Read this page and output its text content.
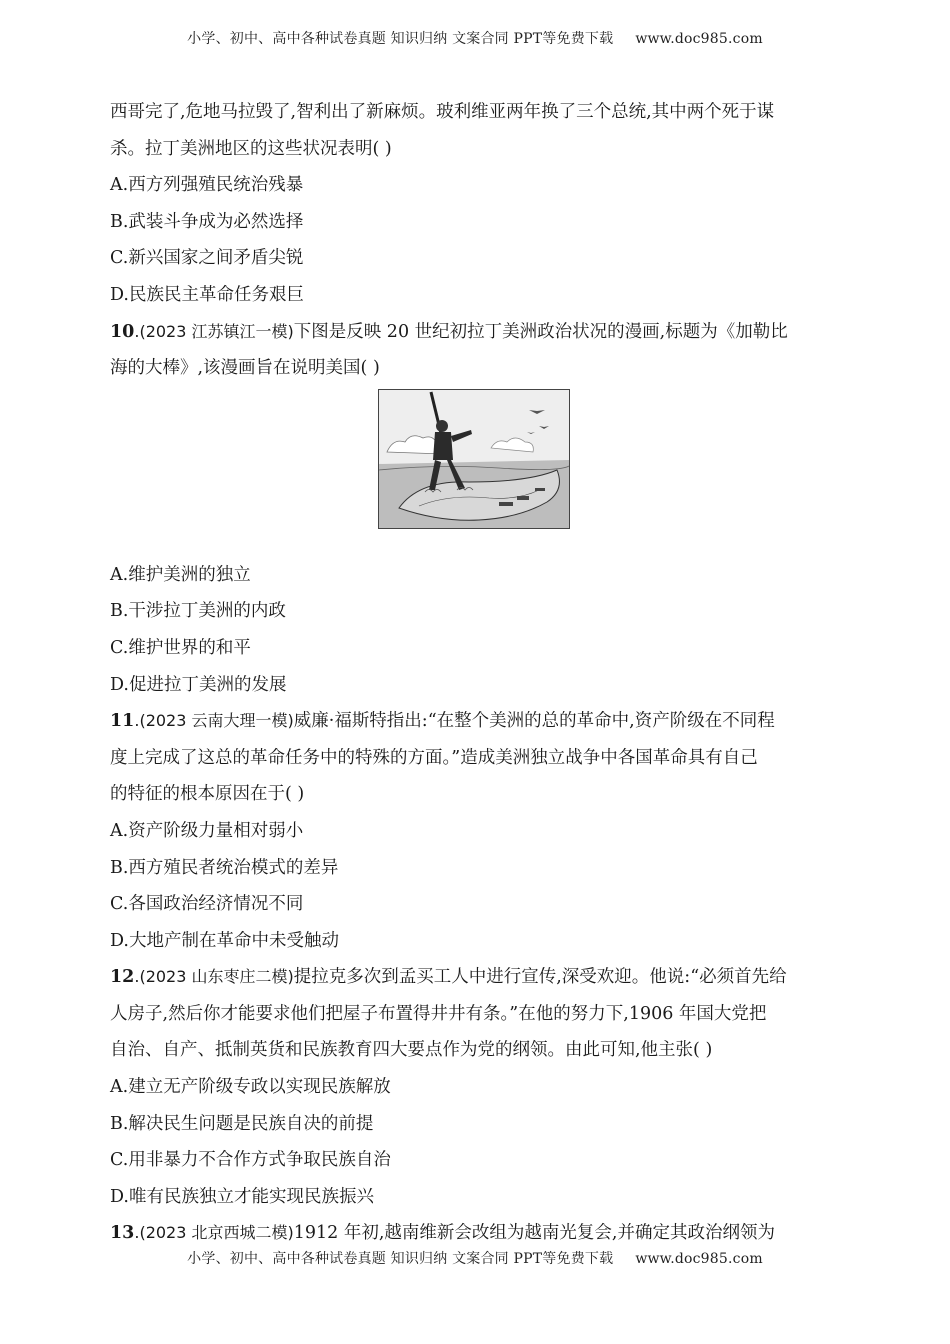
小学、初中、高中各种试卷真题 知识归纳 文案合同 PPT等免费下载 www.doc985.com
西哥完了,危地马拉毁了,智利出了新麻烦。玻利维亚两年换了三个总统,其中两个死于谋
杀。拉丁美洲地区的这些状况表明( )
A.西方列强殖民统治残暴
B.武装斗争成为必然选择
C.新兴国家之间矛盾尖锐
D.民族民主革命任务艰巨
10.(2023 江苏镇江一模)下图是反映 20 世纪初拉丁美洲政治状况的漫画,标题为《加勒比
海的大棒》,该漫画旨在说明美国( )
A.维护美洲的独立
B.干涉拉丁美洲的内政
C.维护世界的和平
D.促进拉丁美洲的发展
11.(2023 云南大理一模)威廉·福斯特指出:“在整个美洲的总的革命中,资产阶级在不同程
度上完成了这总的革命任务中的特殊的方面。”造成美洲独立战争中各国革命具有自己
的特征的根本原因在于( )
A.资产阶级力量相对弱小
B.西方殖民者统治模式的差异
C.各国政治经济情况不同
D.大地产制在革命中未受触动
12.(2023 山东枣庄二模)提拉克多次到孟买工人中进行宣传,深受欢迎。他说:“必须首先给
人房子,然后你才能要求他们把屋子布置得井井有条。”在他的努力下,1906 年国大党把
自治、自产、抵制英货和民族教育四大要点作为党的纲领。由此可知,他主张( )
A.建立无产阶级专政以实现民族解放
B.解决民生问题是民族自决的前提
C.用非暴力不合作方式争取民族自治
D.唯有民族独立才能实现民族振兴
13.(2023 北京西城二模)1912 年初,越南维新会改组为越南光复会,并确定其政治纲领为
小学、初中、高中各种试卷真题 知识归纳 文案合同 PPT等免费下载 www.doc985.com
